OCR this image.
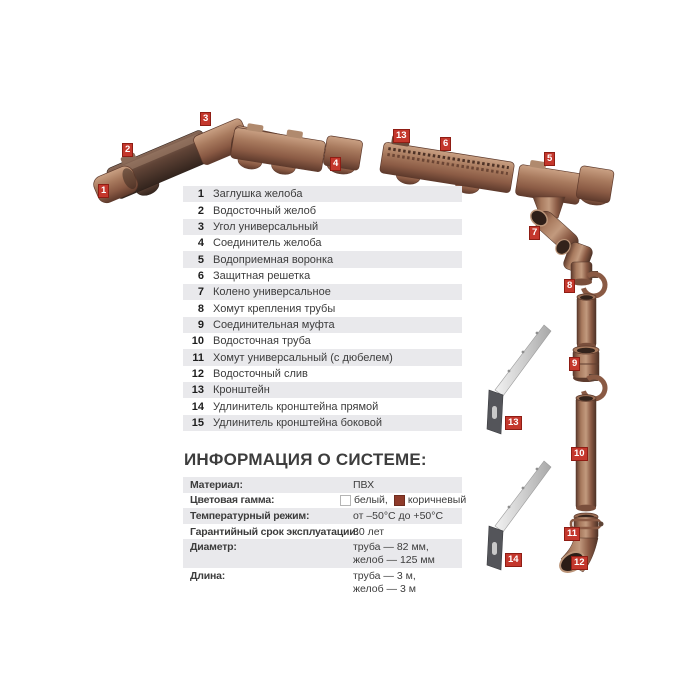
1
2
3
4
13
6
5
7
8
9
13
10
11
12
14
1 Заглушка желоба
2 Водосточный желоб
3 Угол универсальный
4 Соединитель желоба
5 Водоприемная воронка
6 Защитная решетка
7 Колено универсальное
8 Хомут крепления трубы
9 Соединительная муфта
10 Водосточная труба
11 Хомут универсальный (с дюбелем)
12 Водосточный слив
13 Кронштейн
14 Удлинитель кронштейна прямой
15 Удлинитель кронштейна боковой
ИНФОРМАЦИЯ О СИСТЕМЕ:
Материал:	ПВХ
Цветовая гамма:	белый, коричневый
Температурный режим:	от –50°C до +50°C
Гарантийный срок эксплуатации:
30 лет
Диаметр:	труба — 82 мм,
желоб — 125 мм
Длина:	труба — 3 м,
желоб — 3 м
